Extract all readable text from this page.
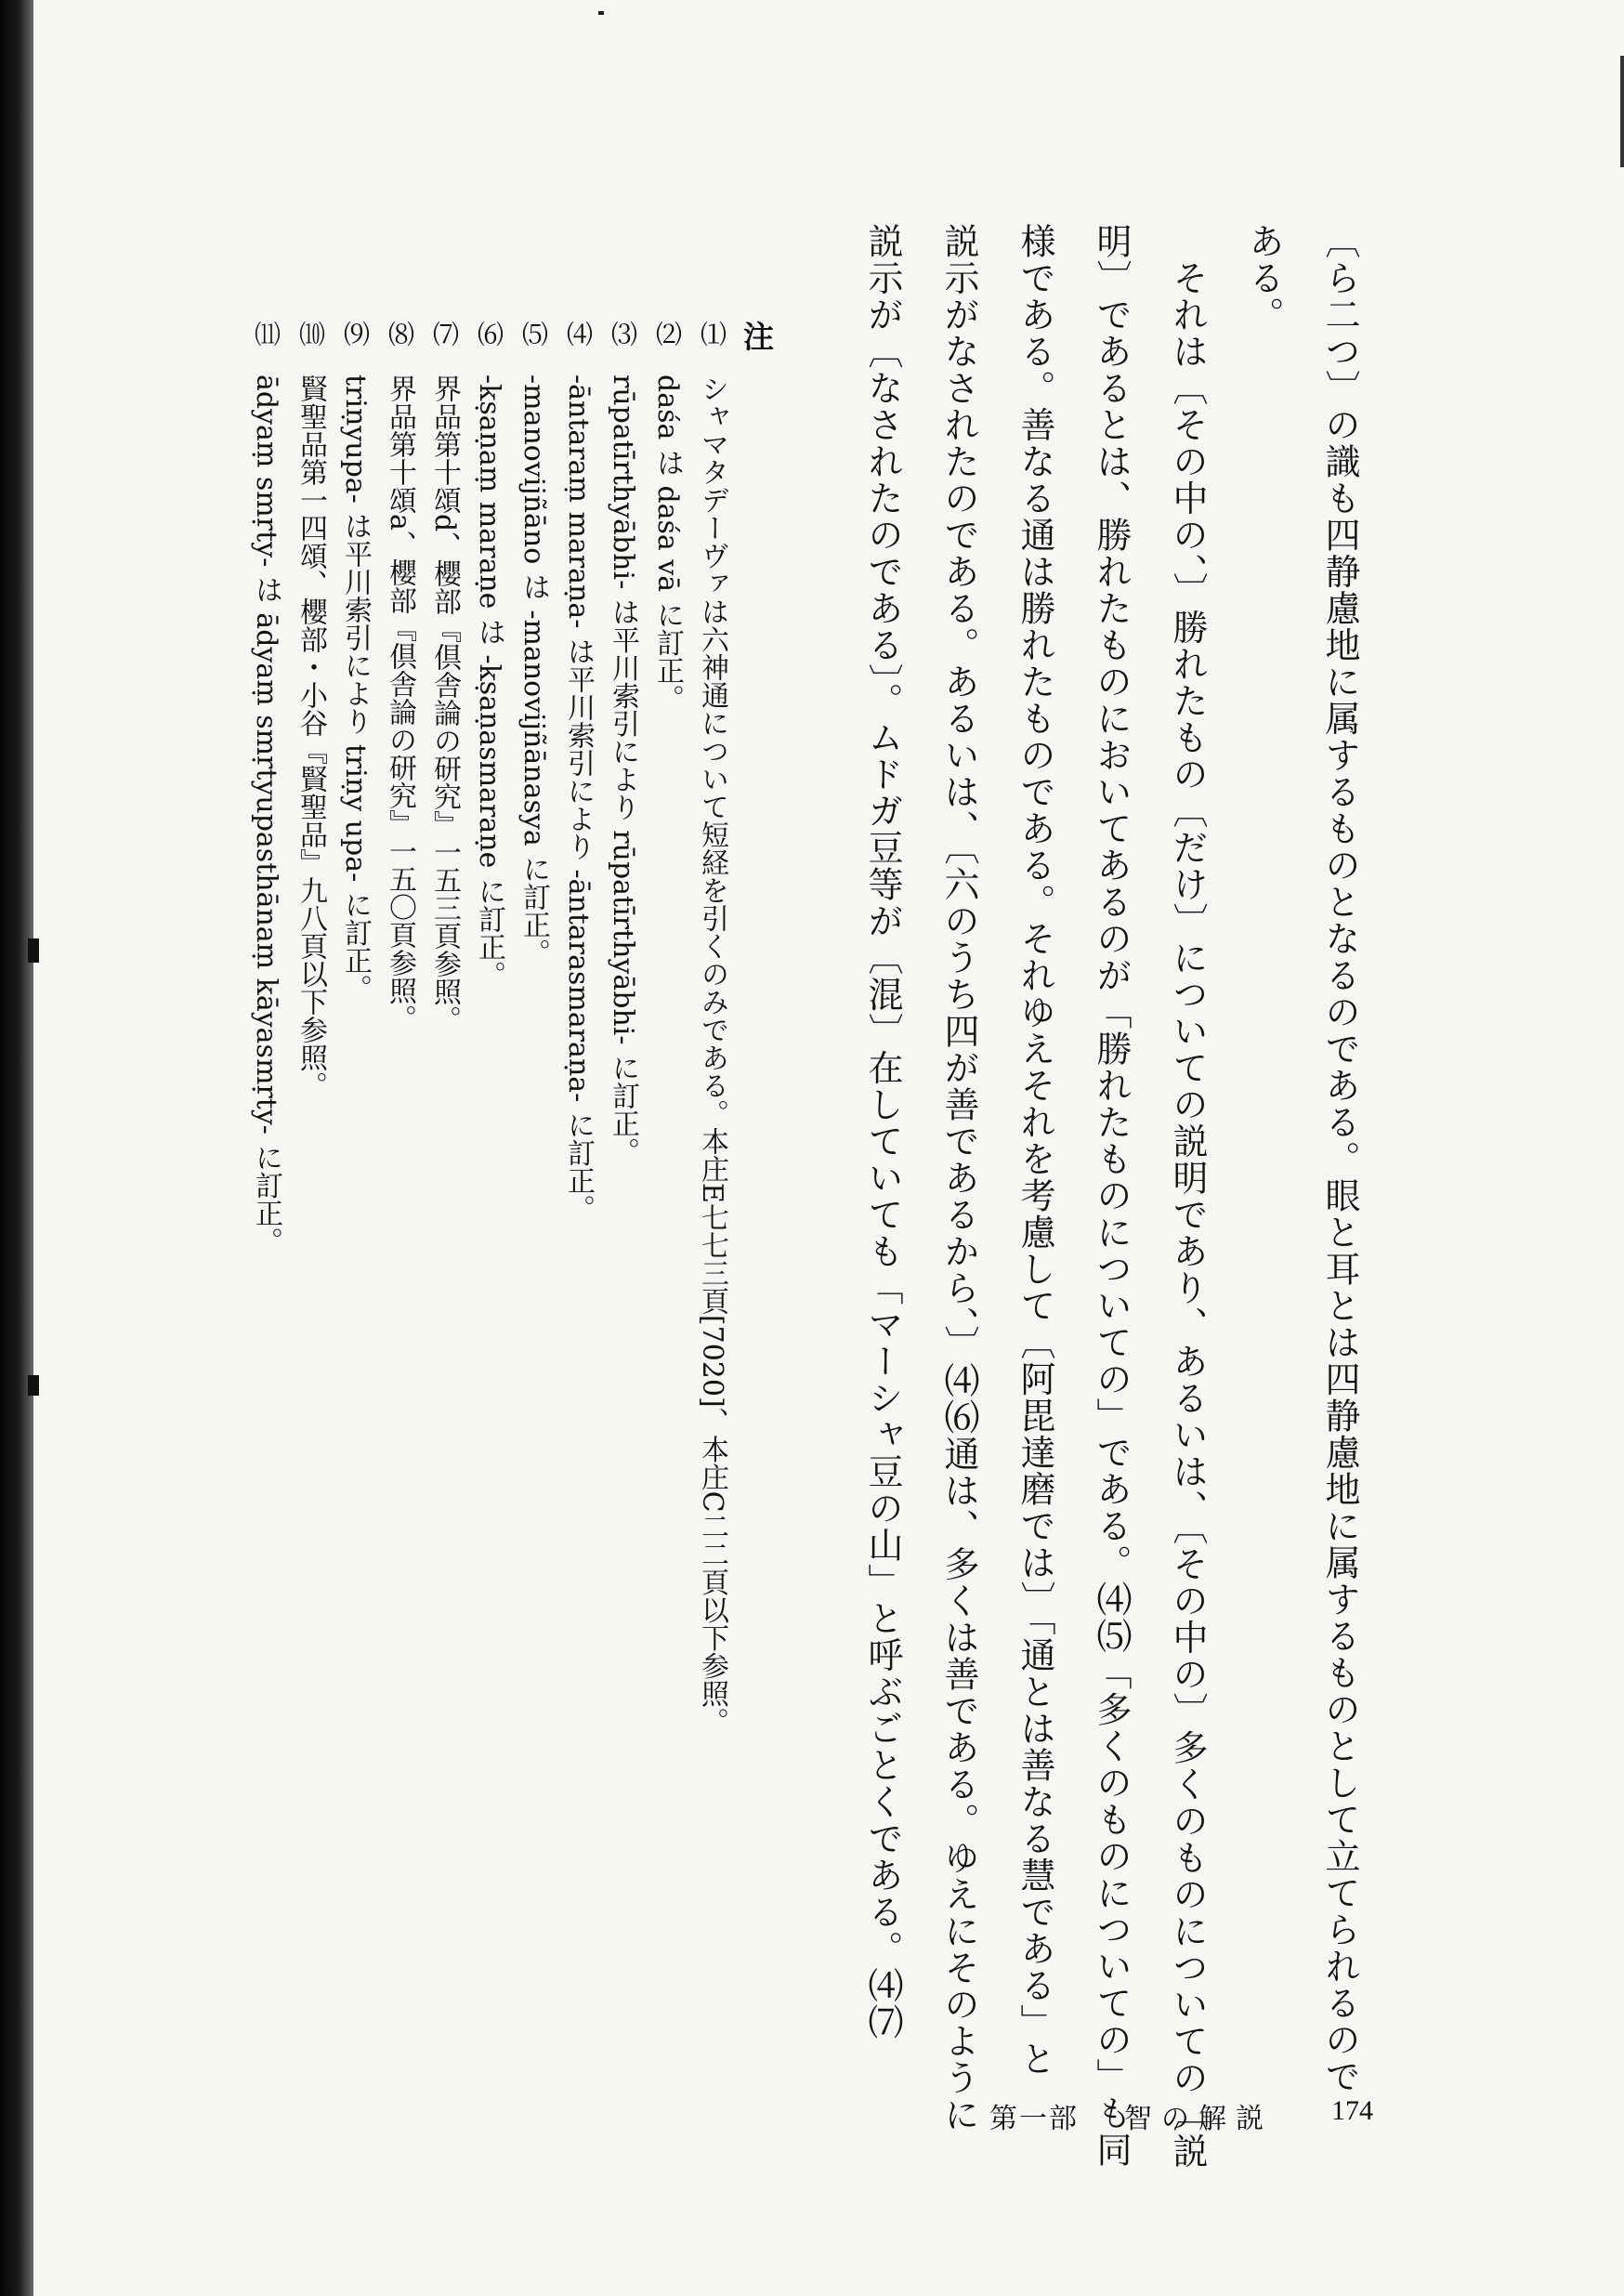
〔ら二つ〕の識も四静慮地に属するものとなるのである。眼と耳とは四静慮地に属するものとして立てられるので
ある。
　それは〔その中の、〕勝れたもの〔だけ〕についての説明であり、あるいは、〔その中の〕多くのものについての〔説
明〕であるとは、勝れたものにおいてあるのが「勝れたものについての」である。⑷⑸「多くのものについての」も同
様である。善なる通は勝れたものである。それゆえそれを考慮して〔阿毘達磨では〕「通とは善なる慧である」と
説示がなされたのである。あるいは、〔六のうち四が善であるから、〕⑷⑹通は、多くは善である。ゆえにそのように
説示が〔なされたのである〕。ムドガ豆等が〔混〕在していても「マーシャ豆の山」と呼ぶごとくである。⑷⑺
注
⑴　シャマタデーヴァは六神通について短経を引くのみである。本庄E七七三頁[7020]、本庄C二二頁以下参照。
⑵　daśa は daśa vā に訂正。
⑶　rūpatīrthyābhi- は平川索引により rūpatīrthyābhi- に訂正。
⑷　-āntaraṃ maraṇa- は平川索引により -āntarasmaraṇa- に訂正。
⑸　-manovijñāno は -manovijñānasya に訂正。
⑹　-kṣaṇaṃ maraṇe は -kṣaṇasmaraṇe に訂正。
⑺　界品第十頌d、櫻部『倶舎論の研究』一五三頁参照。
⑻　界品第十頌a、櫻部『倶舎論の研究』一五〇頁参照。
⑼　triṇyupa- は平川索引により triṇy upa- に訂正。
⑽　賢聖品第一四頌、櫻部・小谷『賢聖品』九八頁以下参照。
⑾　ādyaṃ smṛty- は ādyaṃ smṛtyupasthānaṃ kāyasmṛty- に訂正。
第一部 智の解説 174
